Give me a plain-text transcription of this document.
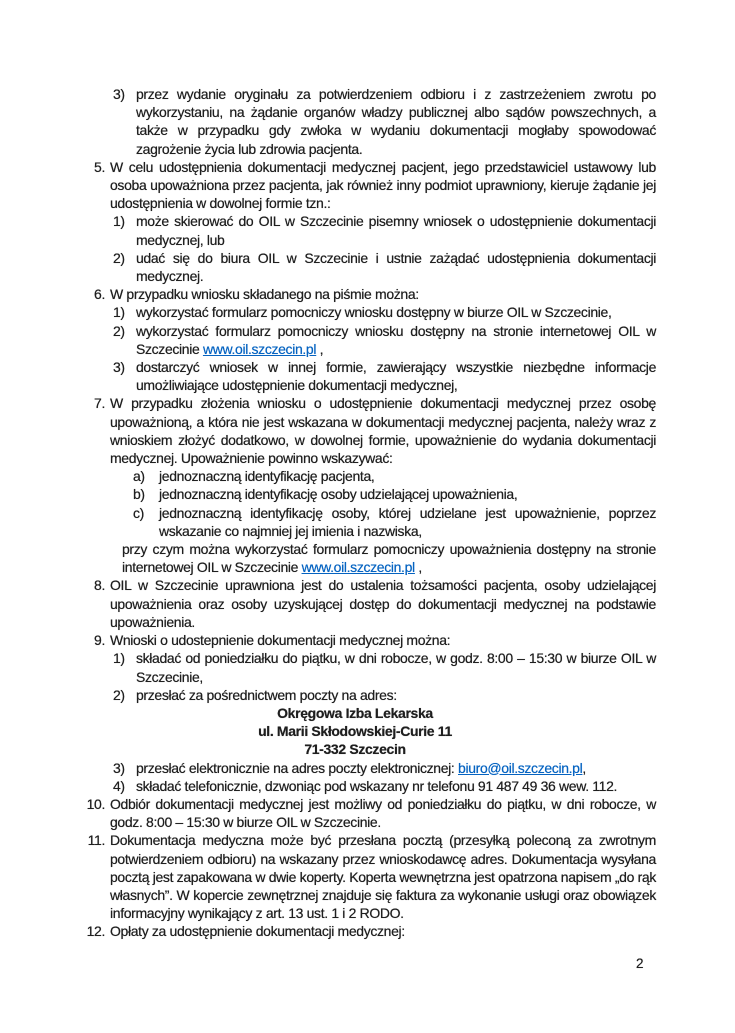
3) przez wydanie oryginału za potwierdzeniem odbioru i z zastrzeżeniem zwrotu po wykorzystaniu, na żądanie organów władzy publicznej albo sądów powszechnych, a także w przypadku gdy zwłoka w wydaniu dokumentacji mogłaby spowodować zagrożenie życia lub zdrowia pacjenta.
5. W celu udostępnienia dokumentacji medycznej pacjent, jego przedstawiciel ustawowy lub osoba upoważniona przez pacjenta, jak również inny podmiot uprawniony, kieruje żądanie jej udostępnienia w dowolnej formie tzn.:
1) może skierować do OIL w Szczecinie pisemny wniosek o udostępnienie dokumentacji medycznej, lub
2) udać się do biura OIL w Szczecinie i ustnie zażądać udostępnienia dokumentacji medycznej.
6. W przypadku wniosku składanego na piśmie można:
1) wykorzystać formularz pomocniczy wniosku dostępny w biurze OIL w Szczecinie,
2) wykorzystać formularz pomocniczy wniosku dostępny na stronie internetowej OIL w Szczecinie www.oil.szczecin.pl ,
3) dostarczyć wniosek w innej formie, zawierający wszystkie niezbędne informacje umożliwiające udostępnienie dokumentacji medycznej,
7. W przypadku złożenia wniosku o udostępnienie dokumentacji medycznej przez osobę upoważnioną, a która nie jest wskazana w dokumentacji medycznej pacjenta, należy wraz z wnioskiem złożyć dodatkowo, w dowolnej formie, upoważnienie do wydania dokumentacji medycznej. Upoważnienie powinno wskazywać:
a)	jednoznaczną identyfikację pacjenta,
b)	jednoznaczną identyfikację osoby udzielającej upoważnienia,
c)	jednoznaczną identyfikację osoby, której udzielane jest upoważnienie, poprzez wskazanie co najmniej jej imienia i nazwiska,
przy czym można wykorzystać formularz pomocniczy upoważnienia dostępny na stronie internetowej OIL w Szczecinie www.oil.szczecin.pl ,
8. OIL w Szczecinie uprawniona jest do ustalenia tożsamości pacjenta, osoby udzielającej upoważnienia oraz osoby uzyskującej dostęp do dokumentacji medycznej na podstawie upoważnienia.
9. Wnioski o udostepnienie dokumentacji medycznej można:
1) składać od poniedziałku do piątku, w dni robocze, w godz. 8:00 – 15:30 w biurze OIL w Szczecinie,
2) przesłać za pośrednictwem poczty na adres:
Okręgowa Izba Lekarska
ul. Marii Skłodowskiej-Curie 11
71-332 Szczecin
3) przesłać elektronicznie na adres poczty elektronicznej: biuro@oil.szczecin.pl,
4) składać telefonicznie, dzwoniąc pod wskazany nr telefonu 91 487 49 36 wew. 112.
10. Odbiór dokumentacji medycznej jest możliwy od poniedziałku do piątku, w dni robocze, w godz. 8:00 – 15:30 w biurze OIL w Szczecinie.
11. Dokumentacja medyczna może być przesłana pocztą (przesyłką poleconą za zwrotnym potwierdzeniem odbioru) na wskazany przez wnioskodawcę adres. Dokumentacja wysyłana pocztą jest zapakowana w dwie koperty. Koperta wewnętrzna jest opatrzona napisem „do rąk własnych”. W kopercie zewnętrznej znajduje się faktura za wykonanie usługi oraz obowiązek informacyjny wynikający z art. 13 ust. 1 i 2 RODO.
12. Opłaty za udostępnienie dokumentacji medycznej:
2
